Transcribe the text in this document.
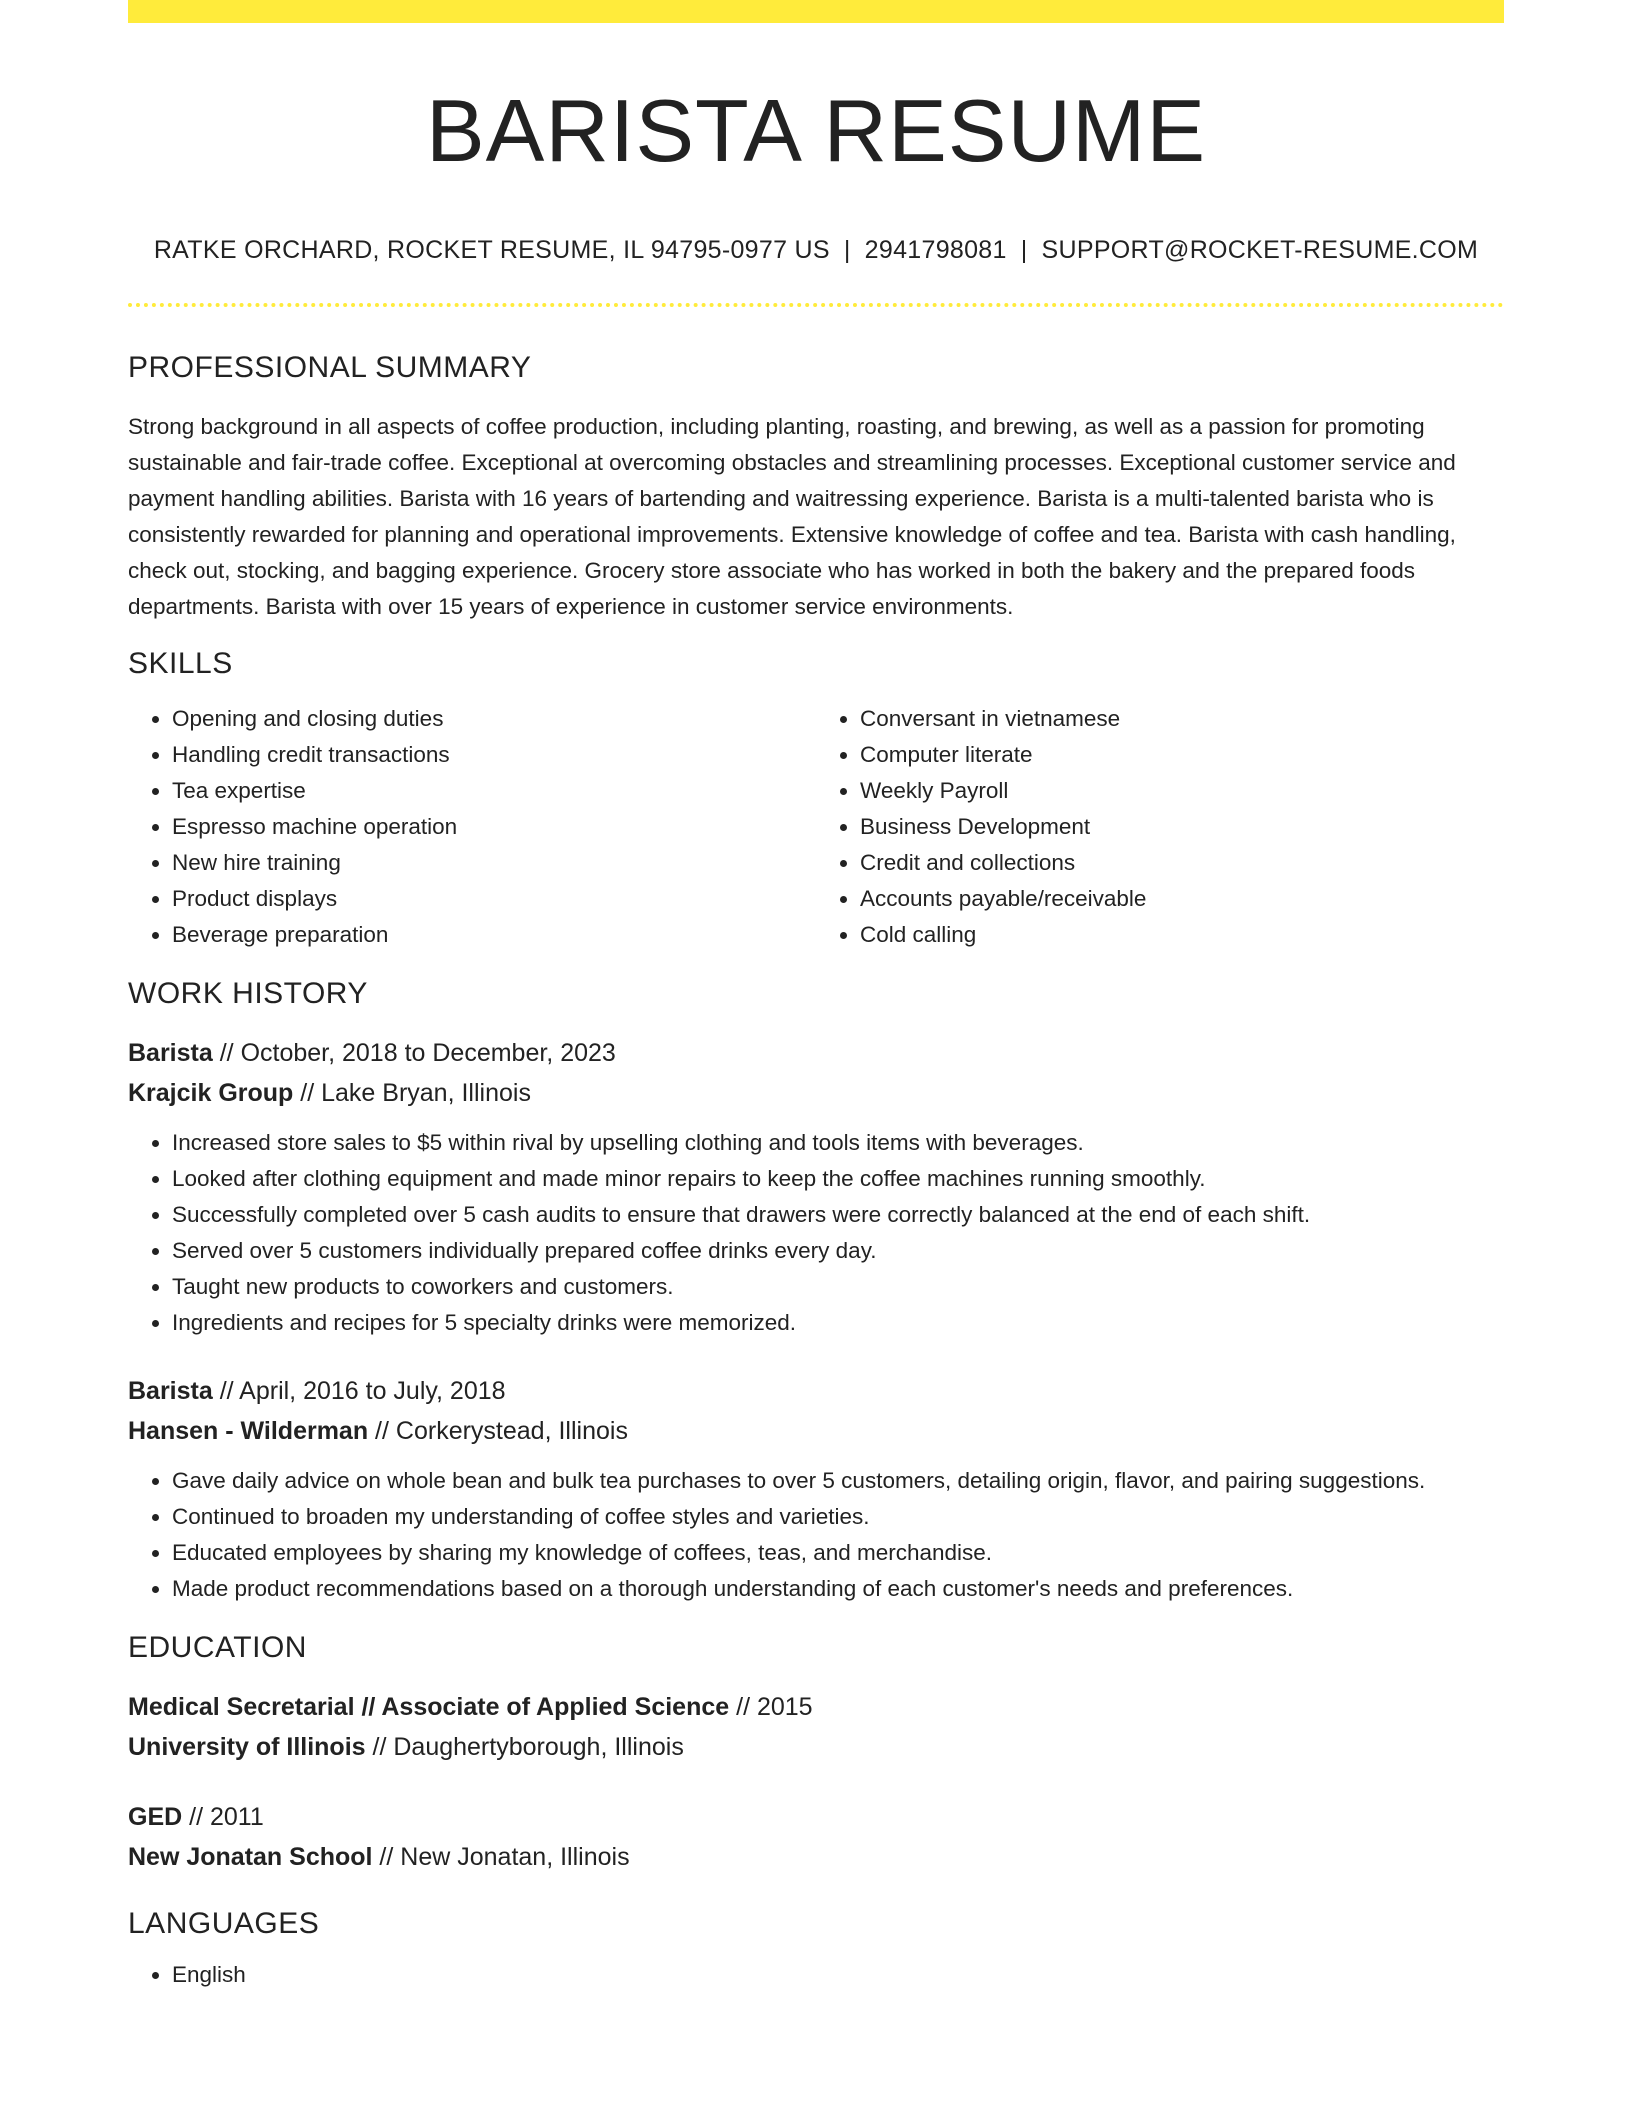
BARISTA RESUME
RATKE ORCHARD, ROCKET RESUME, IL 94795-0977 US | 2941798081 | SUPPORT@ROCKET-RESUME.COM
PROFESSIONAL SUMMARY

Strong background in all aspects of coffee production, including planting, roasting, and brewing, as well as a passion for promoting sustainable and fair-trade coffee. Exceptional at overcoming obstacles and streamlining processes. Exceptional customer service and payment handling abilities. Barista with 16 years of bartending and waitressing experience. Barista is a multi-talented barista who is consistently rewarded for planning and operational improvements. Extensive knowledge of coffee and tea. Barista with cash handling, check out, stocking, and bagging experience. Grocery store associate who has worked in both the bakery and the prepared foods departments. Barista with over 15 years of experience in customer service environments.

SKILLS
• Opening and closing duties
• Handling credit transactions
• Tea expertise
• Espresso machine operation
• New hire training
• Product displays
• Beverage preparation
• Conversant in vietnamese
• Computer literate
• Weekly Payroll
• Business Development
• Credit and collections
• Accounts payable/receivable
• Cold calling
WORK HISTORY
Barista // October, 2018 to December, 2023
Krajcik Group // Lake Bryan, Illinois
• Increased store sales to $5 within rival by upselling clothing and tools items with beverages.
• Looked after clothing equipment and made minor repairs to keep the coffee machines running smoothly.
• Successfully completed over 5 cash audits to ensure that drawers were correctly balanced at the end of each shift.
• Served over 5 customers individually prepared coffee drinks every day.
• Taught new products to coworkers and customers.
• Ingredients and recipes for 5 specialty drinks were memorized.
Barista // April, 2016 to July, 2018
Hansen - Wilderman // Corkerystead, Illinois
• Gave daily advice on whole bean and bulk tea purchases to over 5 customers, detailing origin, flavor, and pairing suggestions.
• Continued to broaden my understanding of coffee styles and varieties.
• Educated employees by sharing my knowledge of coffees, teas, and merchandise.
• Made product recommendations based on a thorough understanding of each customer's needs and preferences.
EDUCATION
Medical Secretarial // Associate of Applied Science // 2015
University of Illinois // Daughertyborough, Illinois
GED // 2011
New Jonatan School // New Jonatan, Illinois
LANGUAGES
• English
